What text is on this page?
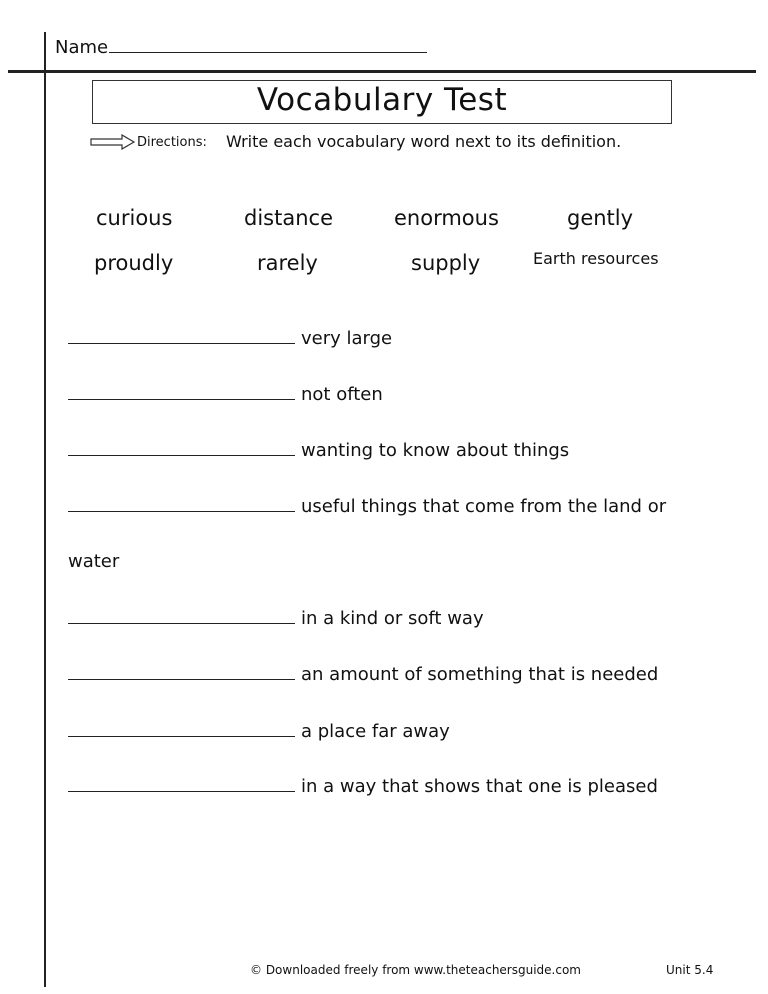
Name
Vocabulary Test
Directions: Write each vocabulary word next to its definition.
curious	distance	enormous	gently
proudly	rarely	supply	Earth resources
very large
not often
wanting to know about things
useful things that come from the land or
water
in a kind or soft way
an amount of something that is needed
a place far away
in a way that shows that one is pleased
© Downloaded freely from www.theteachersguide.com	Unit 5.4
